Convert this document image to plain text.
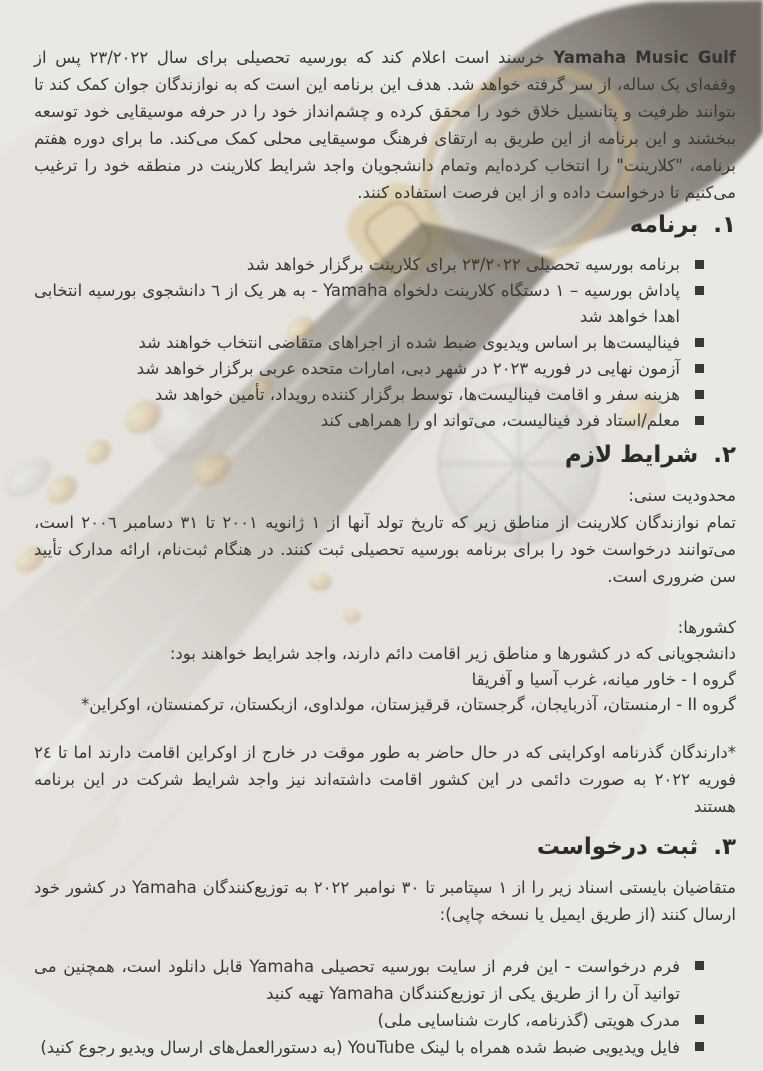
Yamaha Music Gulf خرسند است اعلام کند که بورسیه تحصیلی برای سال ٢٣/٢٠٢٢ پس از وقفه‌ای یک ساله، از سر گرفته خواهد شد. هدف این برنامه این است که به نوازندگان جوان کمک کند تا بتوانند ظرفیت و پتانسیل خلاق خود را محقق کرده و چشم‌انداز خود را در حرفه موسیقایی خود توسعه ببخشند و این برنامه از این طریق به ارتقای فرهنگ موسیقایی محلی کمک می‌کند. ما برای دوره هفتم برنامه، "کلارینت" را انتخاب کرده‌ایم وتمام دانشجویان واجد شرایط کلارینت در منطقه خود را ترغیب می‌کنیم تا درخواست داده و از این فرصت استفاده کنند.

١.برنامه
برنامه بورسیه تحصیلی ٢٣/٢٠٢٢ برای کلارینت برگزار خواهد شد
پاداش بورسیه – ١ دستگاه کلارینت دلخواه Yamaha - به هر یک از ٦ دانشجوی بورسیه انتخابی اهدا خواهد شد
فینالیست‌ها بر اساس ویدیوی ضبط شده از اجراهای متقاضی انتخاب خواهند شد
آزمون نهایی در فوریه ٢٠٢٣ در شهر دبی، امارات متحده عربی برگزار خواهد شد
هزینه سفر و اقامت فینالیست‌ها، توسط برگزار کننده رویداد، تأمین خواهد شد
معلم/استاد فرد فینالیست، می‌تواند او را همراهی کند
٢.شرایط لازم

محدودیت سنی:

تمام نوازندگان کلارینت از مناطق زیر که تاریخ تولد آنها از ١ ژانویه ٢٠٠١ تا ٣١ دسامبر ٢٠٠٦ است، می‌توانند درخواست خود را برای برنامه بورسیه تحصیلی ثبت کنند. در هنگام ثبت‌نام، ارائه مدارک تأیید سن ضروری است.

کشورها:

دانشجویانی که در کشورها و مناطق زیر اقامت دائم دارند، واجد شرایط خواهند بود:

گروه I - خاور میانه، غرب آسیا و آفریقا

گروه II - ارمنستان، آذربایجان، گرجستان، قرقیزستان، مولداوی، ازبکستان، ترکمنستان، اوکراین*

*دارندگان گذرنامه اوکراینی که در حال حاضر به طور موقت در خارج از اوکراین اقامت دارند اما تا ٢٤ فوریه ٢٠٢٢ به صورت دائمی در این کشور اقامت داشته‌اند نیز واجد شرایط شرکت در این برنامه هستند

٣.ثبت درخواست

متقاضیان بایستی اسناد زیر را از ١ سپتامبر تا ٣٠ نوامبر ٢٠٢٢ به توزیع‌کنندگان Yamaha در کشور خود ارسال کنند (از طریق ایمیل یا نسخه چاپی):

فرم درخواست - این فرم از سایت بورسیه تحصیلی Yamaha قابل دانلود است، همچنین می توانید آن را از طریق یکی از توزیع‌کنندگان Yamaha تهیه کنید
مدرک هویتی (گذرنامه، کارت شناسایی ملی)
فایل ویدیویی ضبط شده همراه با لینک YouTube (به دستورالعمل‌های ارسال ویدیو رجوع کنید)
